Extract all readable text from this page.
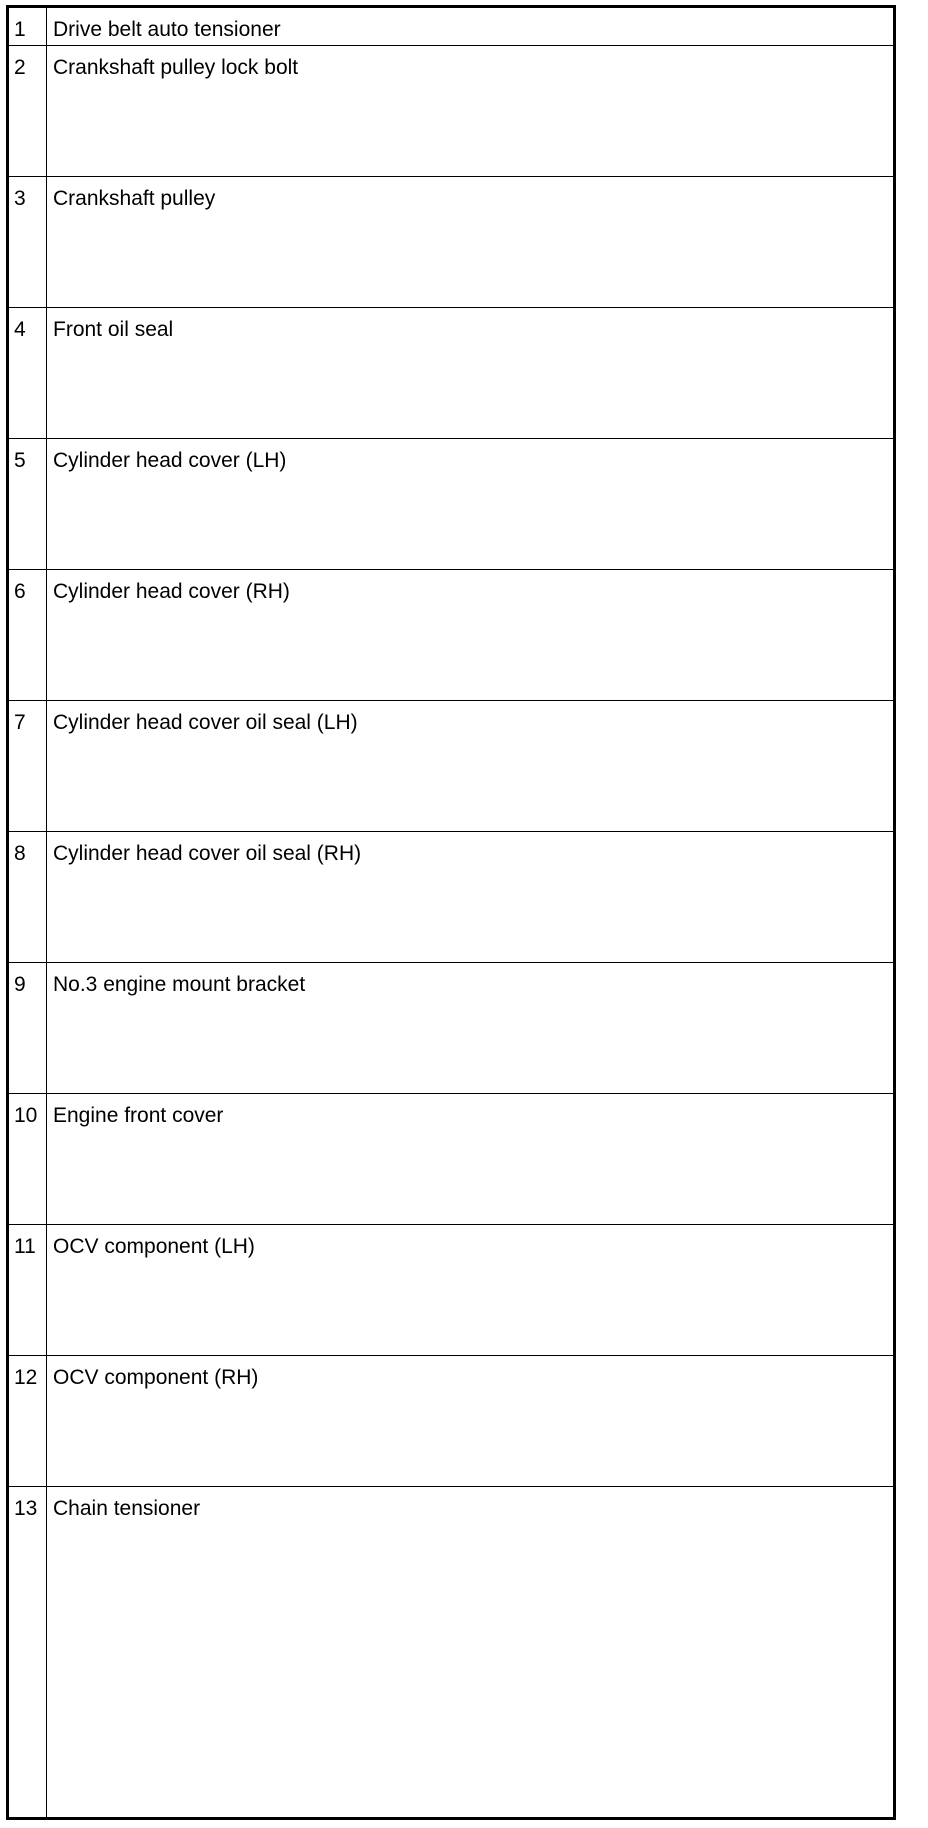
1	Drive belt auto tensioner
2	Crankshaft pulley lock bolt
3	Crankshaft pulley
4	Front oil seal
5	Cylinder head cover (LH)
6	Cylinder head cover (RH)
7	Cylinder head cover oil seal (LH)
8	Cylinder head cover oil seal (RH)
9	No.3 engine mount bracket
10 Engine front cover
11 OCV component (LH)
12 OCV component (RH)
13 Chain tensioner
